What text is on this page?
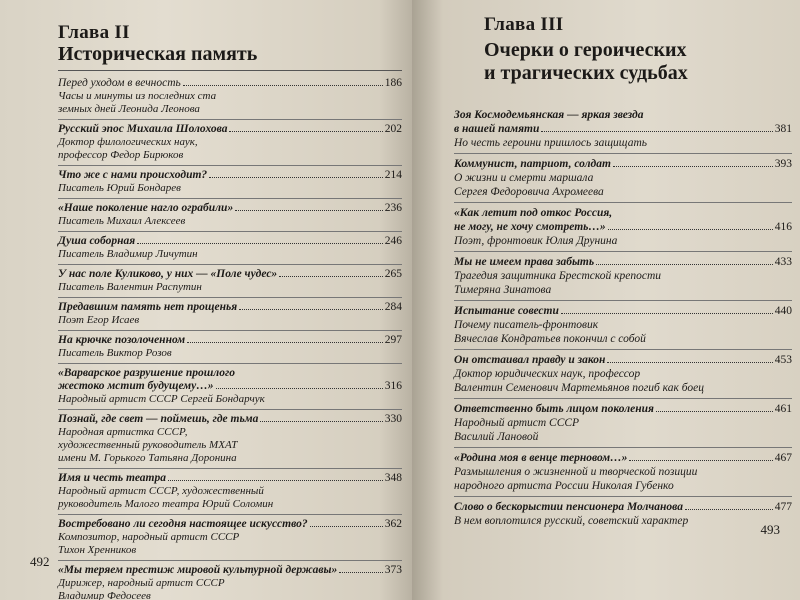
Глава II
Историческая память
Перед уходом в вечность	186
Часы и минуты из последних ста
земных дней Леонида Леонова
Русский эпос Михаила Шолохова	202
Доктор филологических наук,
профессор Федор Бирюков
Что же с нами происходит?	214
Писатель Юрий Бондарев
«Наше поколение нагло ограбили»	236
Писатель Михаил Алексеев
Душа соборная	246
Писатель Владимир Личутин
У нас поле Куликово, у них — «Поле чудес»	265
Писатель Валентин Распутин
Предавшим память нет прощенья	284
Поэт Егор Исаев
На крючке позолоченном	297
Писатель Виктор Розов
«Варварское разрушение прошлого
жестоко мстит будущему…»	316
Народный артист СССР Сергей Бондарчук
Познай, где свет — поймешь, где тьма	330
Народная артистка СССР,
художественный руководитель МХАТ
имени М. Горького Татьяна Доронина
Имя и честь театра	348
Народный артист СССР, художественный
руководитель Малого театра Юрий Соломин
Востребовано ли сегодня настоящее искусство?	362
Композитор, народный артист СССР
Тихон Хренников
«Мы теряем престиж мировой культурной державы»	373
Дирижер, народный артист СССР
Владимир Федосеев
492
Глава III
Очерки о героических
и трагических судьбах
Зоя Космодемьянская — яркая звезда
в нашей памяти	381
Но честь героини пришлось защищать
Коммунист, патриот, солдат	393
О жизни и смерти маршала
Сергея Федоровича Ахромеева
«Как летит под откос Россия,
не могу, не хочу смотреть…»	416
Поэт, фронтовик Юлия Друнина
Мы не имеем права забыть	433
Трагедия защитника Брестской крепости
Тимеряна Зинатова
Испытание совести	440
Почему писатель-фронтовик
Вячеслав Кондратьев покончил с собой
Он отстаивал правду и закон	453
Доктор юридических наук, профессор
Валентин Семенович Мартемьянов погиб как боец
Ответственно быть лицом поколения	461
Народный артист СССР
Василий Лановой
«Родина моя в венце терновом…»	467
Размышления о жизненной и творческой позиции
народного артиста России Николая Губенко
Слово о бескорыстии пенсионера Молчанова	477
В нем воплотился русский, советский характер
493
